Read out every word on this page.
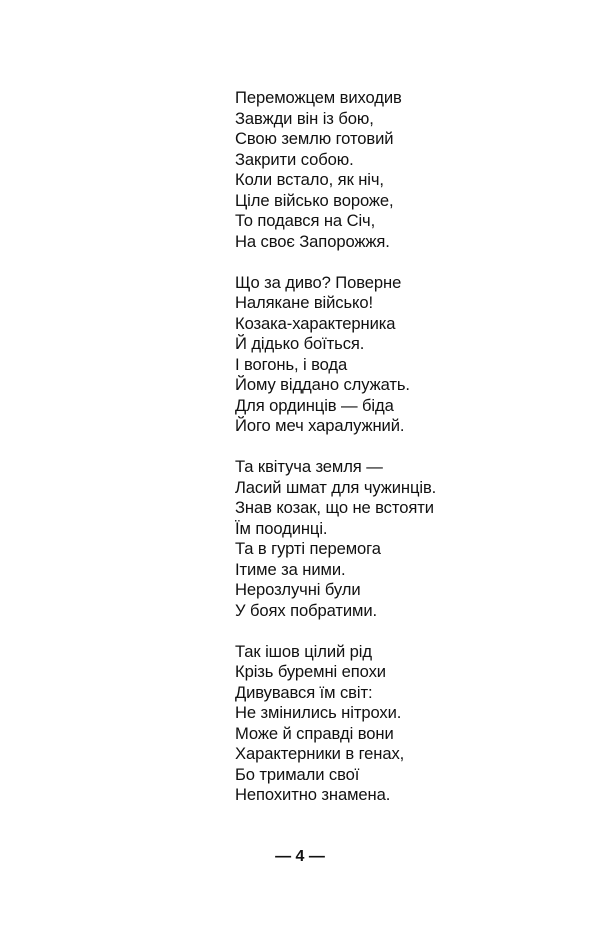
Переможцем виходив
Завжди він із бою,
Свою землю готовий
Закрити собою.
Коли встало, як ніч,
Ціле військо вороже,
То подався на Січ,
На своє Запорожжя.
Що за диво? Поверне
Налякане військо!
Козака-характерника
Й дідько боїться.
І вогонь, і вода
Йому віддано служать.
Для ординців — біда
Його меч харалужний.
Та квітуча земля —
Ласий шмат для чужинців.
Знав козак, що не встояти
Їм поодинці.
Та в гурті перемога
Ітиме за ними.
Нерозлучні були
У боях побратими.
Так ішов цілий рід
Крізь буремні епохи
Дивувався їм світ:
Не змінились нітрохи.
Може й справді вони
Характерники в генах,
Бо тримали свої
Непохитно знамена.
— 4 —
